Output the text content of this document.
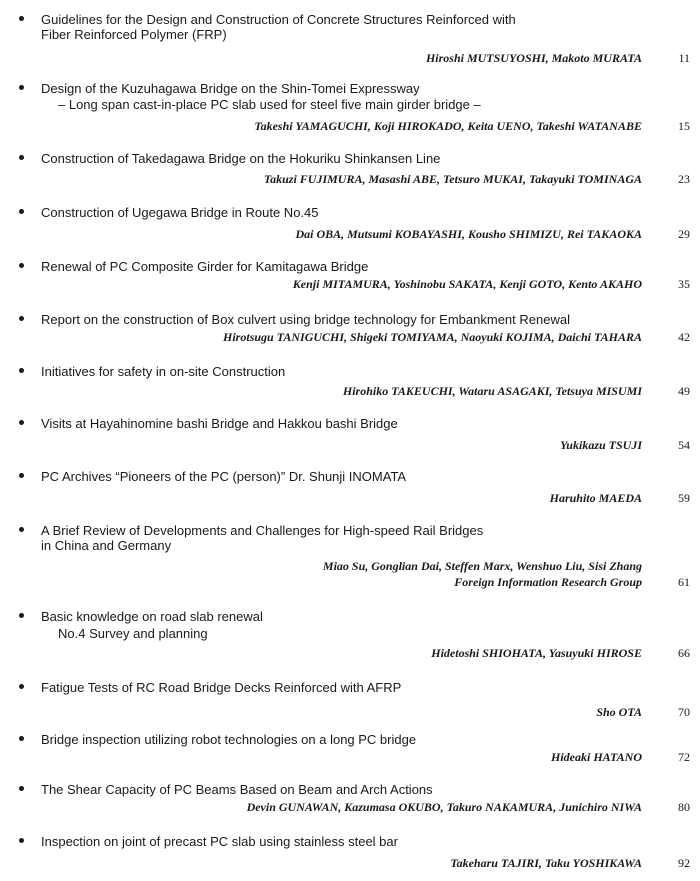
Guidelines for the Design and Construction of Concrete Structures Reinforced with
Fiber Reinforced Polymer (FRP)
Hiroshi MUTSUYOSHI, Makoto MURATA	11
Design of the Kuzuhagawa Bridge on the Shin-Tomei Expressway
– Long span cast-in-place PC slab used for steel five main girder bridge –
Takeshi YAMAGUCHI, Koji HIROKADO, Keita UENO, Takeshi WATANABE	15
Construction of Takedagawa Bridge on the Hokuriku Shinkansen Line
Takuzi FUJIMURA, Masashi ABE, Tetsuro MUKAI, Takayuki TOMINAGA	23
Construction of Ugegawa Bridge in Route No.45
Dai OBA, Mutsumi KOBAYASHI, Kousho SHIMIZU, Rei TAKAOKA	29
Renewal of PC Composite Girder for Kamitagawa Bridge
Kenji MITAMURA, Yoshinobu SAKATA, Kenji GOTO, Kento AKAHO	35
Report on the construction of Box culvert using bridge technology for Embankment Renewal
Hirotsugu TANIGUCHI, Shigeki TOMIYAMA, Naoyuki KOJIMA, Daichi TAHARA	42
Initiatives for safety in on-site Construction
Hirohiko TAKEUCHI, Wataru ASAGAKI, Tetsuya MISUMI	49
Visits at Hayahinomine bashi Bridge and Hakkou bashi Bridge
Yukikazu TSUJI	54
PC Archives “Pioneers of the PC (person)” Dr. Shunji INOMATA
Haruhito MAEDA	59
A Brief Review of Developments and Challenges for High-speed Rail Bridges
in China and Germany
Miao Su, Gonglian Dai, Steffen Marx, Wenshuo Liu, Sisi Zhang
Foreign Information Research Group	61
Basic knowledge on road slab renewal
No.4 Survey and planning
Hidetoshi SHIOHATA, Yasuyuki HIROSE	66
Fatigue Tests of RC Road Bridge Decks Reinforced with AFRP
Sho OTA	70
Bridge inspection utilizing robot technologies on a long PC bridge
Hideaki HATANO	72
The Shear Capacity of PC Beams Based on Beam and Arch Actions
Devin GUNAWAN, Kazumasa OKUBO, Takuro NAKAMURA, Junichiro NIWA	80
Inspection on joint of precast PC slab using stainless steel bar
Takeharu TAJIRI, Taku YOSHIKAWA	92
